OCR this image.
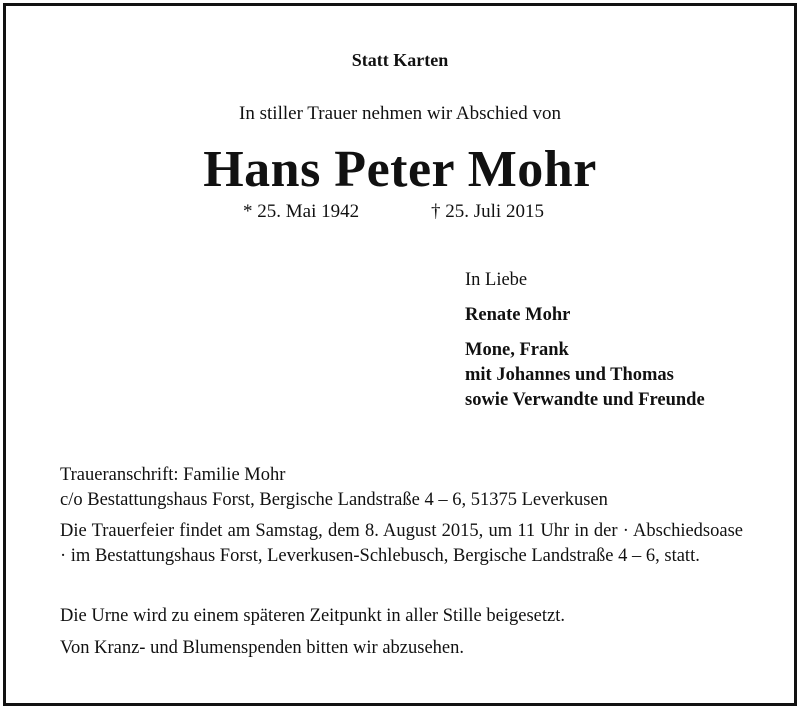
Statt Karten
In stiller Trauer nehmen wir Abschied von
Hans Peter Mohr
* 25. Mai 1942	† 25. Juli 2015
In Liebe
Renate Mohr
Mone, Frank
mit Johannes und Thomas
sowie Verwandte und Freunde
Traueranschrift: Familie Mohr
c/o Bestattungshaus Forst, Bergische Landstraße 4 – 6, 51375 Leverkusen
Die Trauerfeier findet am Samstag, dem 8. August 2015, um 11 Uhr in der · Abschiedsoase · im Bestattungshaus Forst, Leverkusen-Schlebusch, Bergische Landstraße 4 – 6, statt.
Die Urne wird zu einem späteren Zeitpunkt in aller Stille beigesetzt.
Von Kranz- und Blumenspenden bitten wir abzusehen.
